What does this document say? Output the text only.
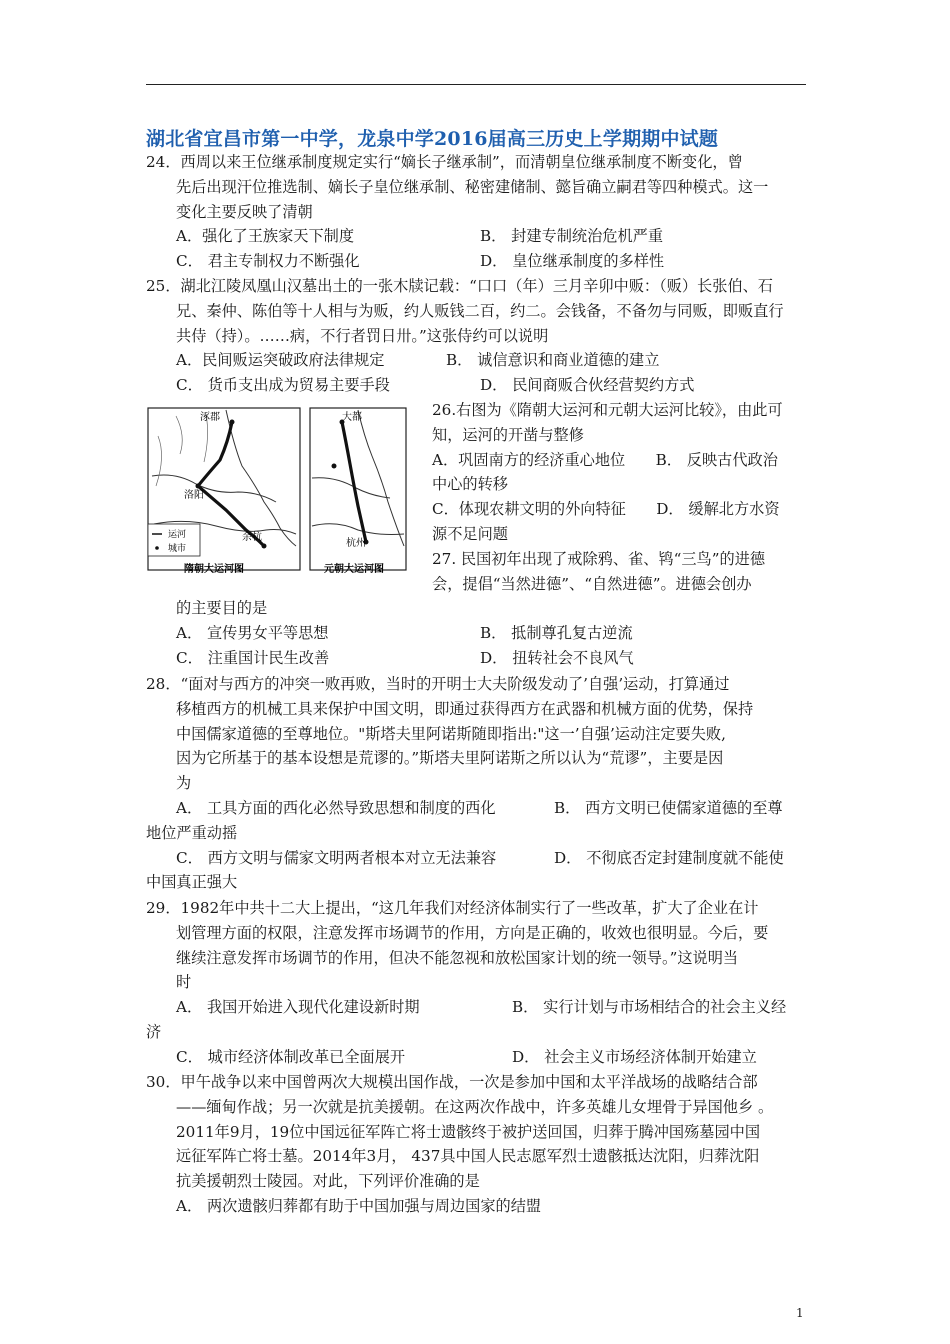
湖北省宜昌市第一中学，龙泉中学2016届高三历史上学期期中试题

24．西周以来王位继承制度规定实行“嫡长子继承制”，而清朝皇位继承制度不断变化，曾

先后出现汗位推选制、嫡长子皇位继承制、秘密建储制、懿旨确立嗣君等四种模式。这一

变化主要反映了清朝

A．强化了王族家天下制度	B． 封建专制统治危机严重
C． 君主专制权力不断强化	D． 皇位继承制度的多样性

25．湖北江陵凤凰山汉墓出土的一张木牍记载：“口口（年）三月辛卯中贩：（贩）长张伯、石

兄、秦仲、陈伯等十人相与为贩，约人贩钱二百，约二。会钱备，不备勿与同贩，即贩直行

共侍（持）。……病，不行者罚日卅。”这张侍约可以说明

A．民间贩运突破政府法律规定	B． 诚信意识和商业道德的建立
C． 货币支出成为贸易主要手段	D． 民间商贩合伙经营契约方式
涿郡
洛阳
余杭
运河
城市
隋朝大运河图
大都
杭州
元朝大运河图

26.右图为《隋朝大运河和元朝大运河比较》，由此可

知，运河的开凿与整修

A．巩固南方的经济重心地位　　B． 反映古代政治

中心的转移

C．体现农耕文明的外向特征　　D． 缓解北方水资

源不足问题

27. 民国初年出现了戒除鸦、雀、鸨“三鸟”的进德

会，提倡“当然进德”、“自然进德”。进德会创办

的主要目的是

A． 宣传男女平等思想	B． 抵制尊孔复古逆流
C． 注重国计民生改善	D． 扭转社会不良风气

28．“面对与西方的冲突一败再败，当时的开明士大夫阶级发动了’自强’运动，打算通过

移植西方的机械工具来保护中国文明，即通过获得西方在武器和机械方面的优势，保持

中国儒家道德的至尊地位。"斯塔夫里阿诺斯随即指出:"这一’自强’运动注定要失败,

因为它所基于的基本设想是荒谬的。”斯塔夫里阿诺斯之所以认为“荒谬”，主要是因

为

A． 工具方面的西化必然导致思想和制度的西化	B． 西方文明已使儒家道德的至尊

地位严重动摇

C． 西方文明与儒家文明两者根本对立无法兼容	D． 不彻底否定封建制度就不能使

中国真正强大

29．1982年中共十二大上提出，“这几年我们对经济体制实行了一些改革，扩大了企业在计

划管理方面的权限，注意发挥市场调节的作用，方向是正确的，收效也很明显。今后，要

继续注意发挥市场调节的作用，但决不能忽视和放松国家计划的统一领导。”这说明当

时

A． 我国开始进入现代化建设新时期	B． 实行计划与市场相结合的社会主义经

济

C． 城市经济体制改革已全面展开	D． 社会主义市场经济体制开始建立

30．甲午战争以来中国曾两次大规模出国作战，一次是参加中国和太平洋战场的战略结合部

——缅甸作战；另一次就是抗美援朝。在这两次作战中，许多英雄儿女埋骨于异国他乡 。

2011年9月，19位中国远征军阵亡将士遗骸终于被护送回国，归葬于腾冲国殇墓园中国

远征军阵亡将士墓。2014年3月， 437具中国人民志愿军烈士遗骸抵达沈阳，归葬沈阳

抗美援朝烈士陵园。对此，下列评价准确的是

A． 两次遗骸归葬都有助于中国加强与周边国家的结盟

1
